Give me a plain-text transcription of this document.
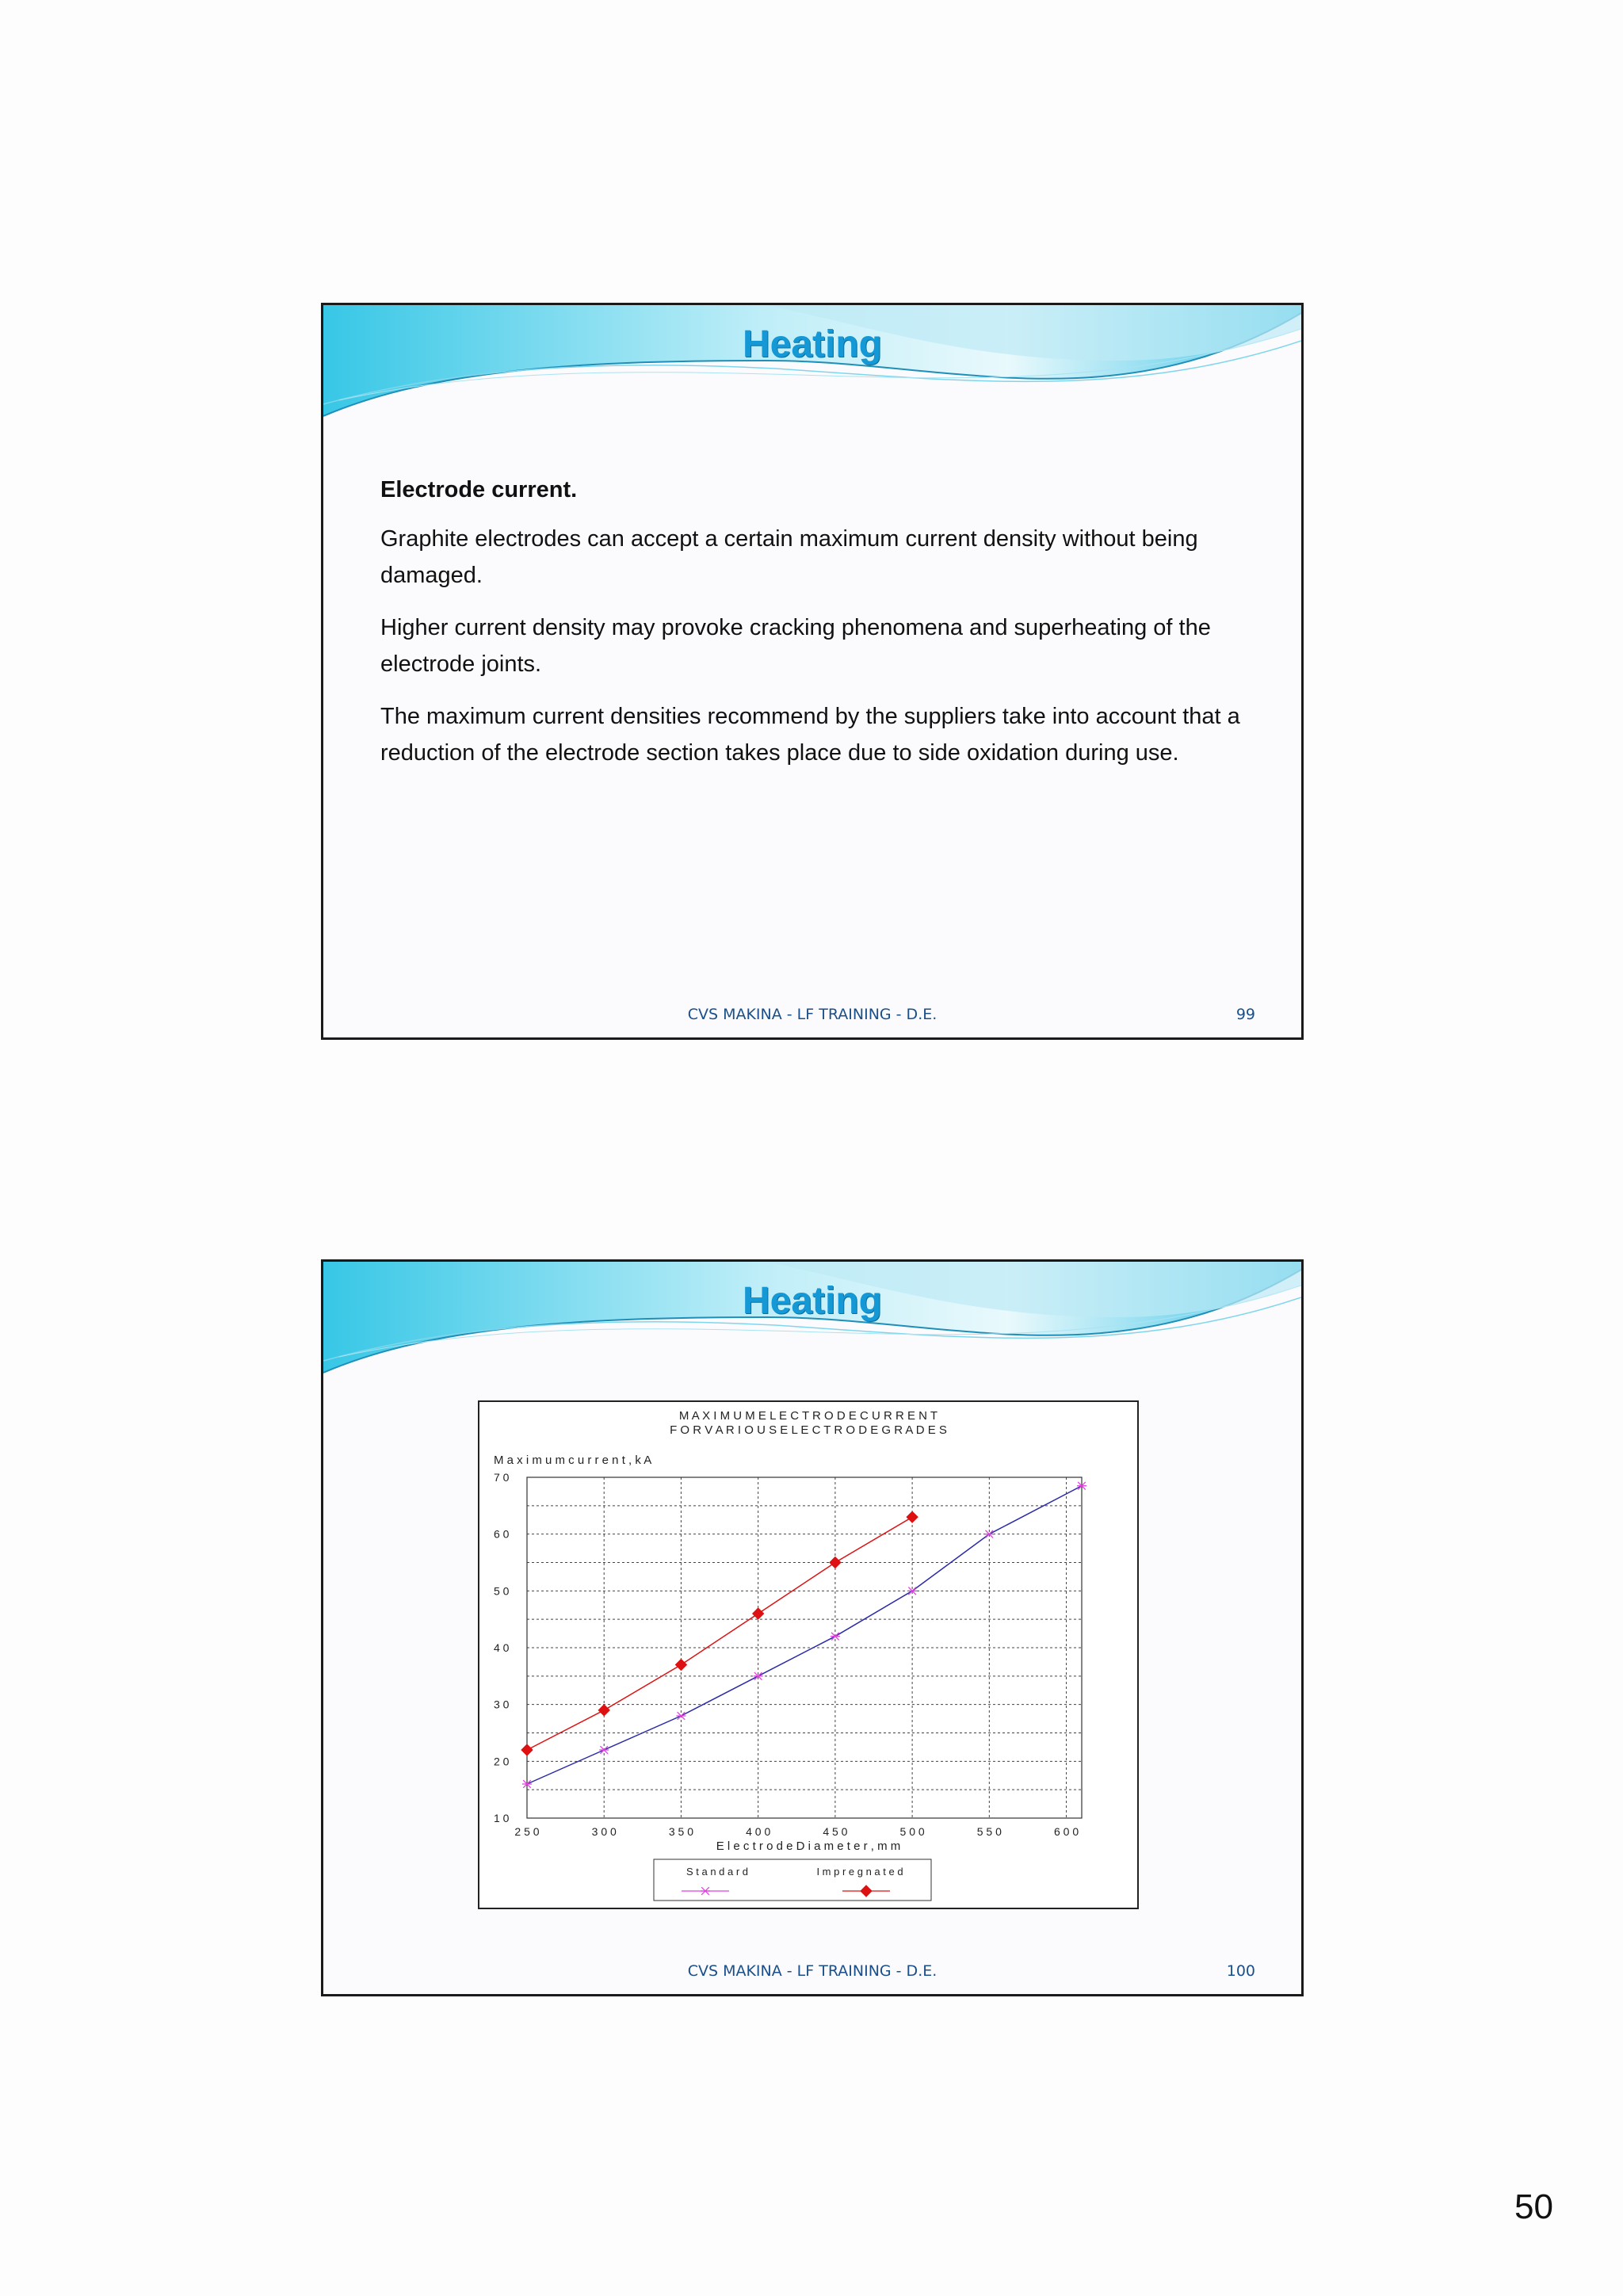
Heating

Electrode current.

Graphite electrodes can accept a certain maximum current density without being damaged.

Higher current density may provoke cracking phenomena and superheating of the electrode joints.

The maximum current densities recommend by the suppliers take into account that a reduction of the electrode section takes place due to side oxidation during use.

CVS MAKINA - LF TRAINING - D.E.	99
Heating
M A X I M U M E L E C T R O D E C U R R E N T
F O R V A R I O U S E L E C T R O D E G R A D E S
M a x i m u m c u r r e n t , k A
1 0
2 0
3 0
4 0
5 0
6 0
7 0
2 5 0	3 0 0	3 5 0	4 0 0	4 5 0	5 0 0	5 5 0	6 0 0
E l e c t r o d e D i a m e t e r , m m
S t a n d a r d	I m p r e g n a t e d
CVS MAKINA - LF TRAINING - D.E.	100
50
